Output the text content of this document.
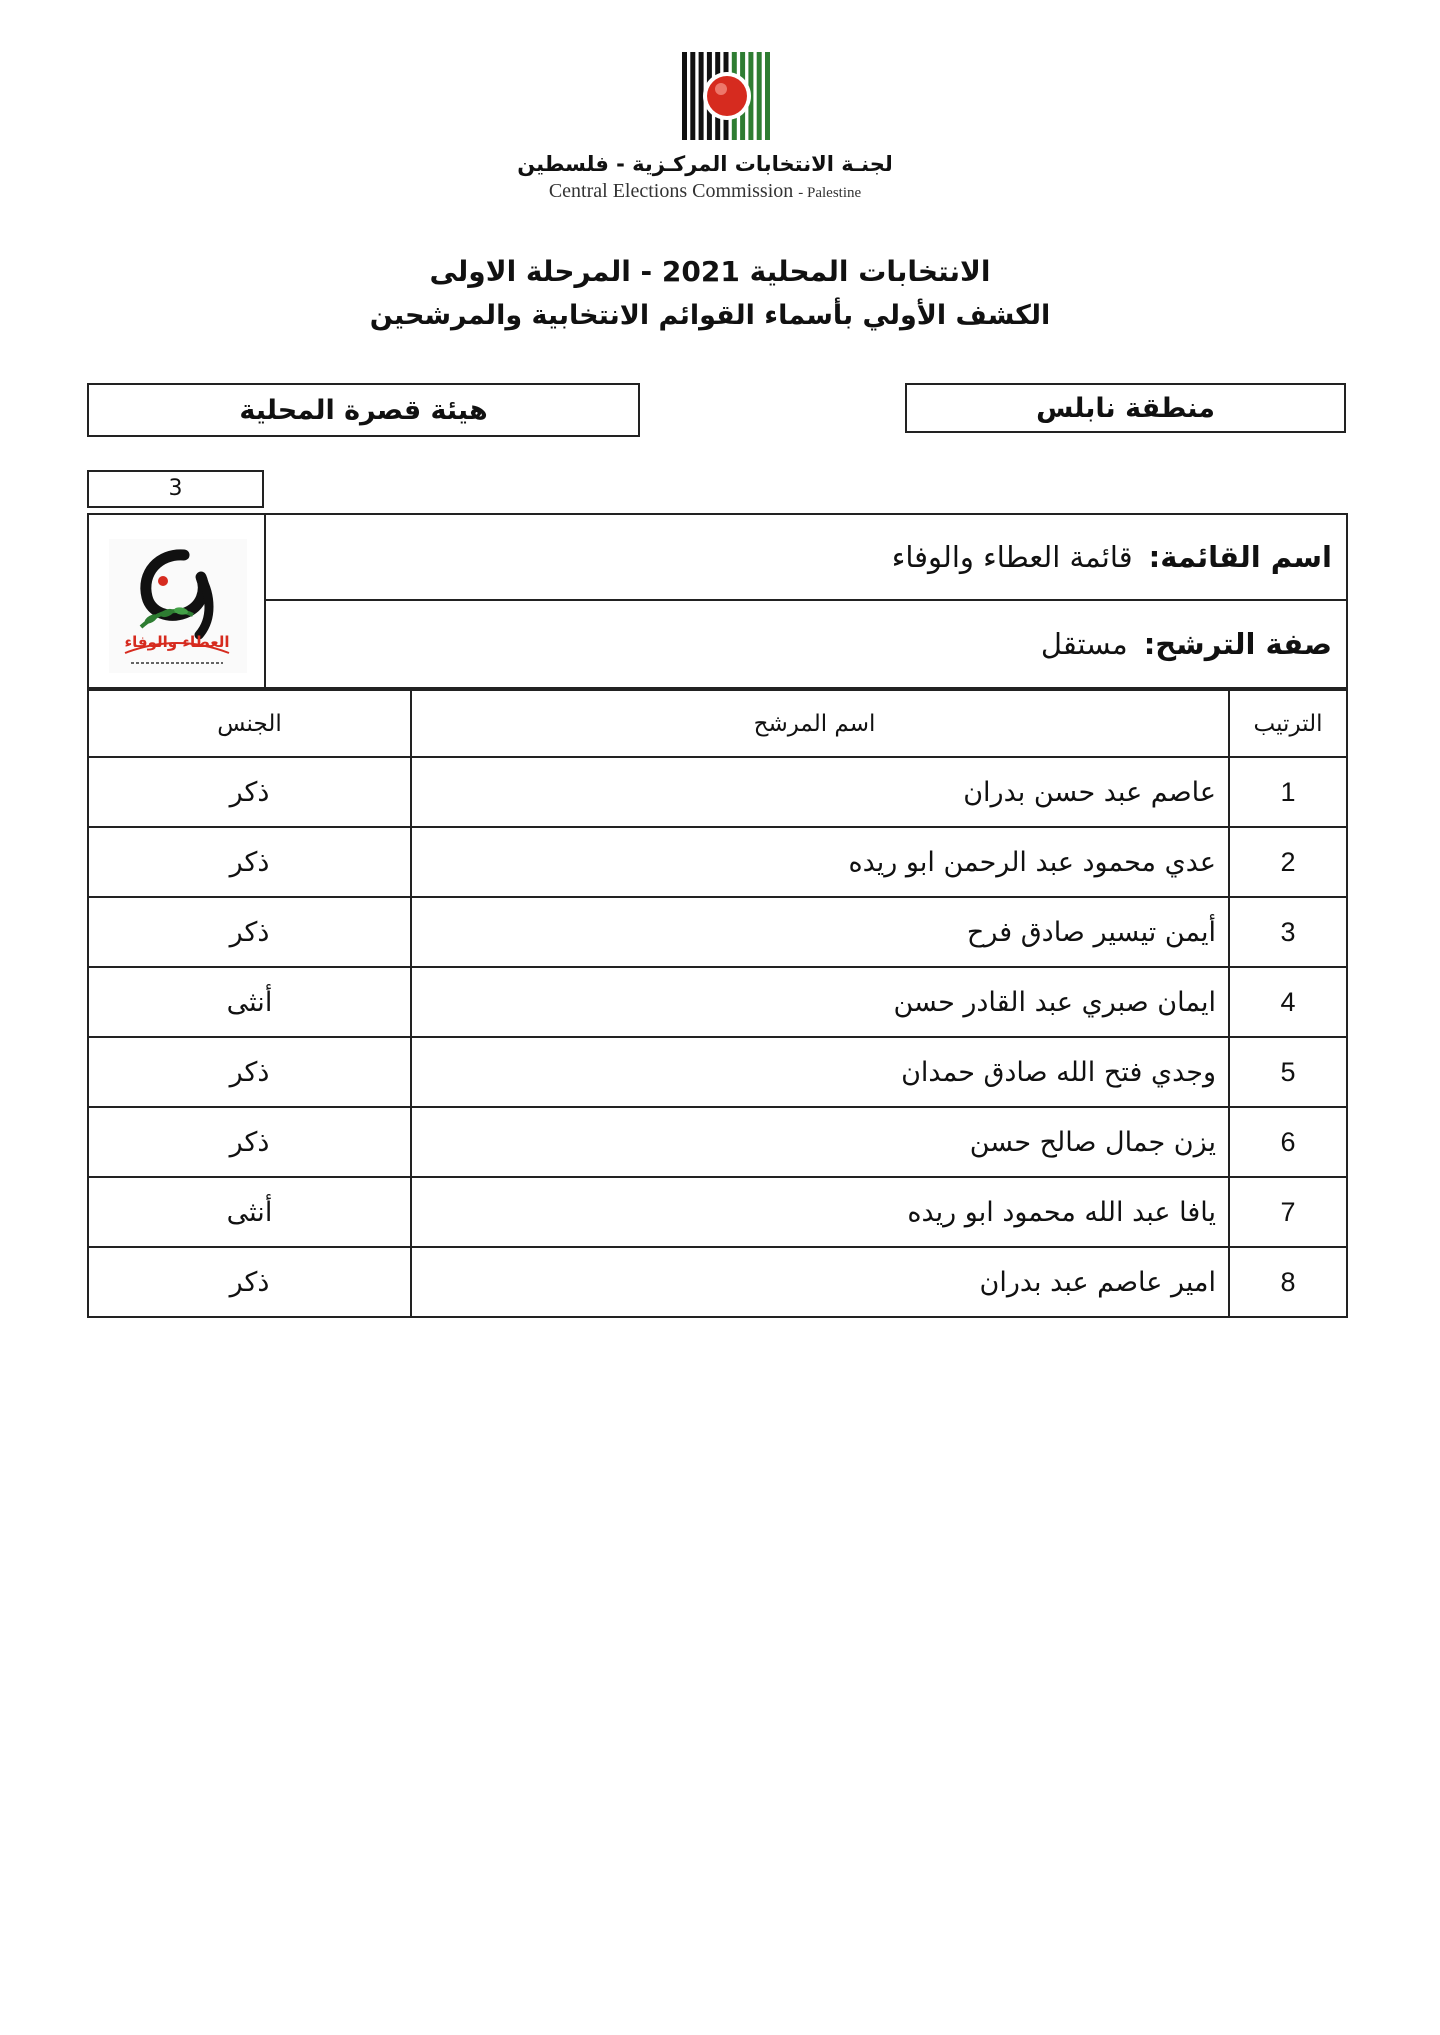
لجنـة الانتخابات المركـزية - فلسطين
Central Elections Commission - Palestine
الانتخابات المحلية 2021 - المرحلة الاولى
الكشف الأولي بأسماء القوائم الانتخابية والمرشحين
منطقة نابلس
هيئة قصرة المحلية
3
العطاء والوفاء
اسم القائمة:
قائمة العطاء والوفاء
صفة الترشح:
مستقل
الترتيب	اسم المرشح	الجنس
1	عاصم عبد حسن بدران	ذكر
2	عدي محمود عبد الرحمن ابو ريده	ذكر
3	أيمن تيسير صادق فرح	ذكر
4	ايمان صبري عبد القادر حسن	أنثى
5	وجدي فتح الله صادق حمدان	ذكر
6	يزن جمال صالح حسن	ذكر
7	يافا عبد الله محمود ابو ريده	أنثى
8	امير عاصم عبد بدران	ذكر
